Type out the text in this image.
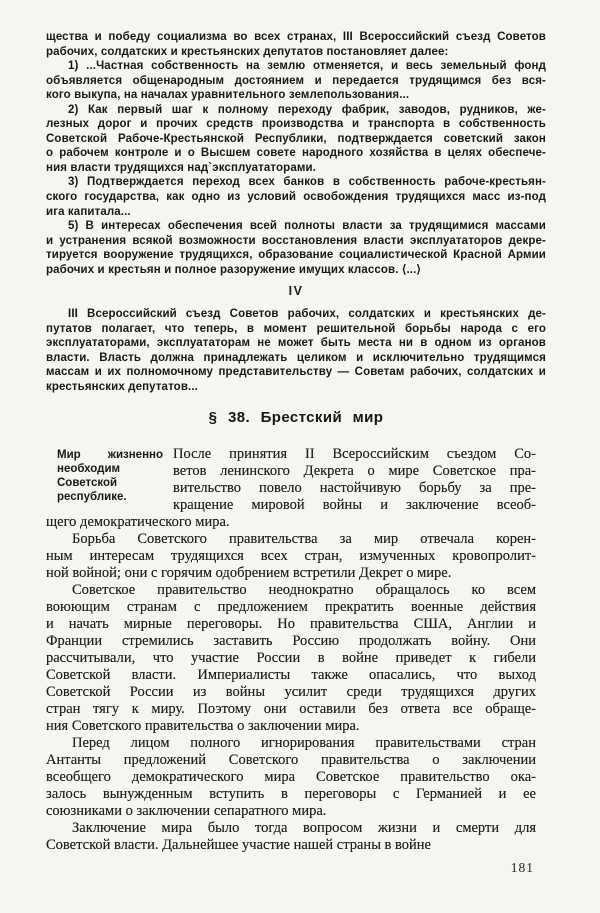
щества и победу социализма во всех странах, III Всероссийский съезд Советов
рабочих, солдатских и крестьянских депутатов постановляет далее:
1) ...Частная собственность на землю отменяется, и весь земельный фонд
объявляется общенародным достоянием и передается трудящимся без вся-
кого выкупа, на началах уравнительного землепользования...
2) Как первый шаг к полному переходу фабрик, заводов, рудников, же-
лезных дорог и прочих средств производства и транспорта в собственность
Советской Рабоче-Крестьянской Республики, подтверждается советский закон
о рабочем контроле и о Высшем совете народного хозяйства в целях обеспече-
ния власти трудящихся над`эксплуататорами.
3) Подтверждается переход всех банков в собственность рабоче-крестьян-
ского государства, как одно из условий освобождения трудящихся масс из-под
ига капитала...
5) В интересах обеспечения всей полноты власти за трудящимися массами
и устранения всякой возможности восстановления власти эксплуататоров декре-
тируется вооружение трудящихся, образование социалистической Красной Армии
рабочих и крестьян и полное разоружение имущих классов. ⟨...⟩
IV
III Всероссийский съезд Советов рабочих, солдатских и крестьянских де-
путатов полагает, что теперь, в момент решительной борьбы народа с его
эксплуататорами, эксплуататорам не может быть места ни в одном из органов
власти. Власть должна принадлежать целиком и исключительно трудящимся
массам и их полномочному представительству — Советам рабочих, солдатских и
крестьянских депутатов...
§ 38. Брестский мир
Мир жизненно
необходим
Советской
республике.
После принятия II Всероссийским съездом Со-
ветов ленинского Декрета о мире Советское пра-
вительство повело настойчивую борьбу за пре-
кращение мировой войны и заключение всеоб-
щего демократического мира.
Борьба Советского правительства за мир отвечала корен-
ным интересам трудящихся всех стран, измученных кровопролит-
ной войной; они с горячим одобрением встретили Декрет о мире.
Советское правительство неоднократно обращалось ко всем
воюющим странам с предложением прекратить военные действия
и начать мирные переговоры. Но правительства США, Англии и
Франции стремились заставить Россию продолжать войну. Они
рассчитывали, что участие России в войне приведет к гибели
Советской власти. Империалисты также опасались, что выход
Советской России из войны усилит среди трудящихся других
стран тягу к миру. Поэтому они оставили без ответа все обраще-
ния Советского правительства о заключении мира.
Перед лицом полного игнорирования правительствами стран
Антанты предложений Советского правительства о заключении
всеобщего демократического мира Советское правительство ока-
залось вынужденным вступить в переговоры с Германией и ее
союзниками о заключении сепаратного мира.
Заключение мира было тогда вопросом жизни и смерти для
Советской власти. Дальнейшее участие нашей страны в войне
181
